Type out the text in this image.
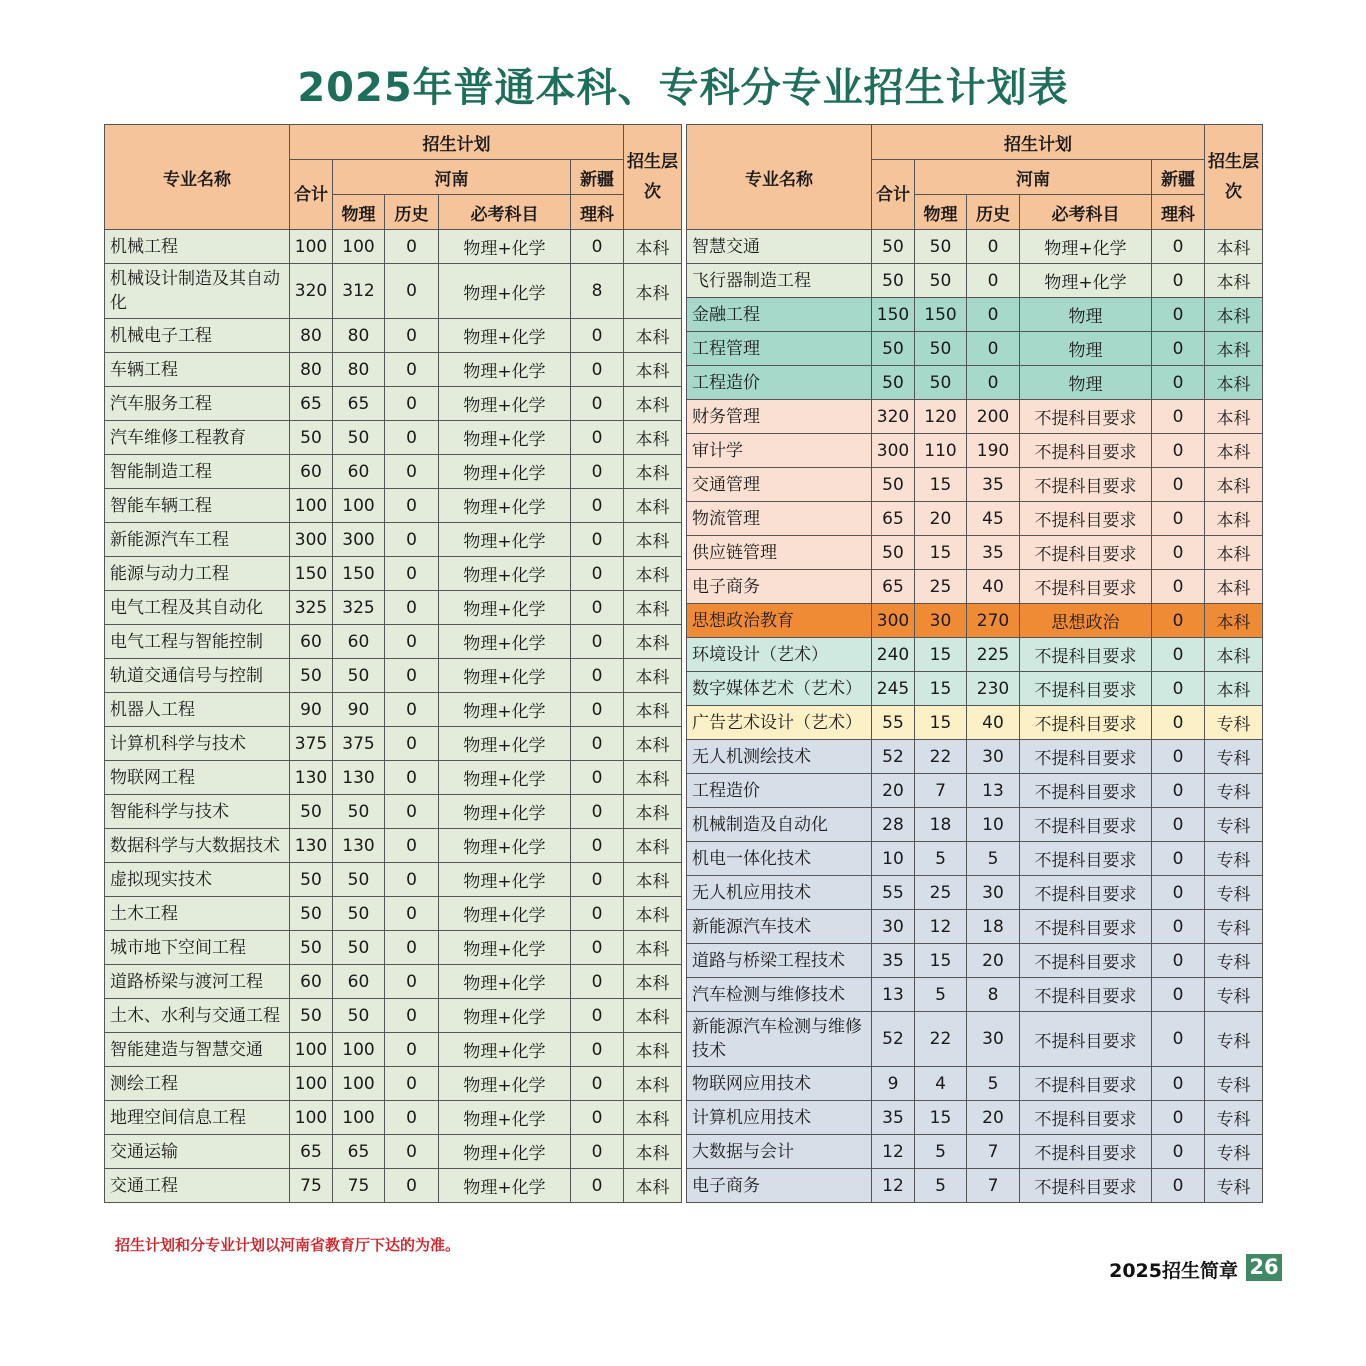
2025年普通本科、专科分专业招生计划表
专业名称	招生计划					招生层次
	合计	河南			新疆	
		物理	历史	必考科目	理科	
机械工程	100	100	0	物理+化学	0	本科
机械设计制造及其自动化	320	312	0	物理+化学	8	本科
机械电子工程	80	80	0	物理+化学	0	本科
车辆工程	80	80	0	物理+化学	0	本科
汽车服务工程	65	65	0	物理+化学	0	本科
汽车维修工程教育	50	50	0	物理+化学	0	本科
智能制造工程	60	60	0	物理+化学	0	本科
智能车辆工程	100	100	0	物理+化学	0	本科
新能源汽车工程	300	300	0	物理+化学	0	本科
能源与动力工程	150	150	0	物理+化学	0	本科
电气工程及其自动化	325	325	0	物理+化学	0	本科
电气工程与智能控制	60	60	0	物理+化学	0	本科
轨道交通信号与控制	50	50	0	物理+化学	0	本科
机器人工程	90	90	0	物理+化学	0	本科
计算机科学与技术	375	375	0	物理+化学	0	本科
物联网工程	130	130	0	物理+化学	0	本科
智能科学与技术	50	50	0	物理+化学	0	本科
数据科学与大数据技术	130	130	0	物理+化学	0	本科
虚拟现实技术	50	50	0	物理+化学	0	本科
土木工程	50	50	0	物理+化学	0	本科
城市地下空间工程	50	50	0	物理+化学	0	本科
道路桥梁与渡河工程	60	60	0	物理+化学	0	本科
土木、水利与交通工程	50	50	0	物理+化学	0	本科
智能建造与智慧交通	100	100	0	物理+化学	0	本科
测绘工程	100	100	0	物理+化学	0	本科
地理空间信息工程	100	100	0	物理+化学	0	本科
交通运输	65	65	0	物理+化学	0	本科
交通工程	75	75	0	物理+化学	0	本科
专业名称	招生计划					招生层次
	合计	河南			新疆	
		物理	历史	必考科目	理科	
智慧交通	50	50	0	物理+化学	0	本科
飞行器制造工程	50	50	0	物理+化学	0	本科
金融工程	150	150	0	物理	0	本科
工程管理	50	50	0	物理	0	本科
工程造价	50	50	0	物理	0	本科
财务管理	320	120	200	不提科目要求	0	本科
审计学	300	110	190	不提科目要求	0	本科
交通管理	50	15	35	不提科目要求	0	本科
物流管理	65	20	45	不提科目要求	0	本科
供应链管理	50	15	35	不提科目要求	0	本科
电子商务	65	25	40	不提科目要求	0	本科
思想政治教育	300	30	270	思想政治	0	本科
环境设计（艺术）	240	15	225	不提科目要求	0	本科
数字媒体艺术（艺术）	245	15	230	不提科目要求	0	本科
广告艺术设计（艺术）	55	15	40	不提科目要求	0	专科
无人机测绘技术	52	22	30	不提科目要求	0	专科
工程造价	20	7	13	不提科目要求	0	专科
机械制造及自动化	28	18	10	不提科目要求	0	专科
机电一体化技术	10	5	5	不提科目要求	0	专科
无人机应用技术	55	25	30	不提科目要求	0	专科
新能源汽车技术	30	12	18	不提科目要求	0	专科
道路与桥梁工程技术	35	15	20	不提科目要求	0	专科
汽车检测与维修技术	13	5	8	不提科目要求	0	专科
新能源汽车检测与维修技术	52	22	30	不提科目要求	0	专科
物联网应用技术	9	4	5	不提科目要求	0	专科
计算机应用技术	35	15	20	不提科目要求	0	专科
大数据与会计	12	5	7	不提科目要求	0	专科
电子商务	12	5	7	不提科目要求	0	专科
招生计划和分专业计划以河南省教育厅下达的为准。
2025招生简章 26
